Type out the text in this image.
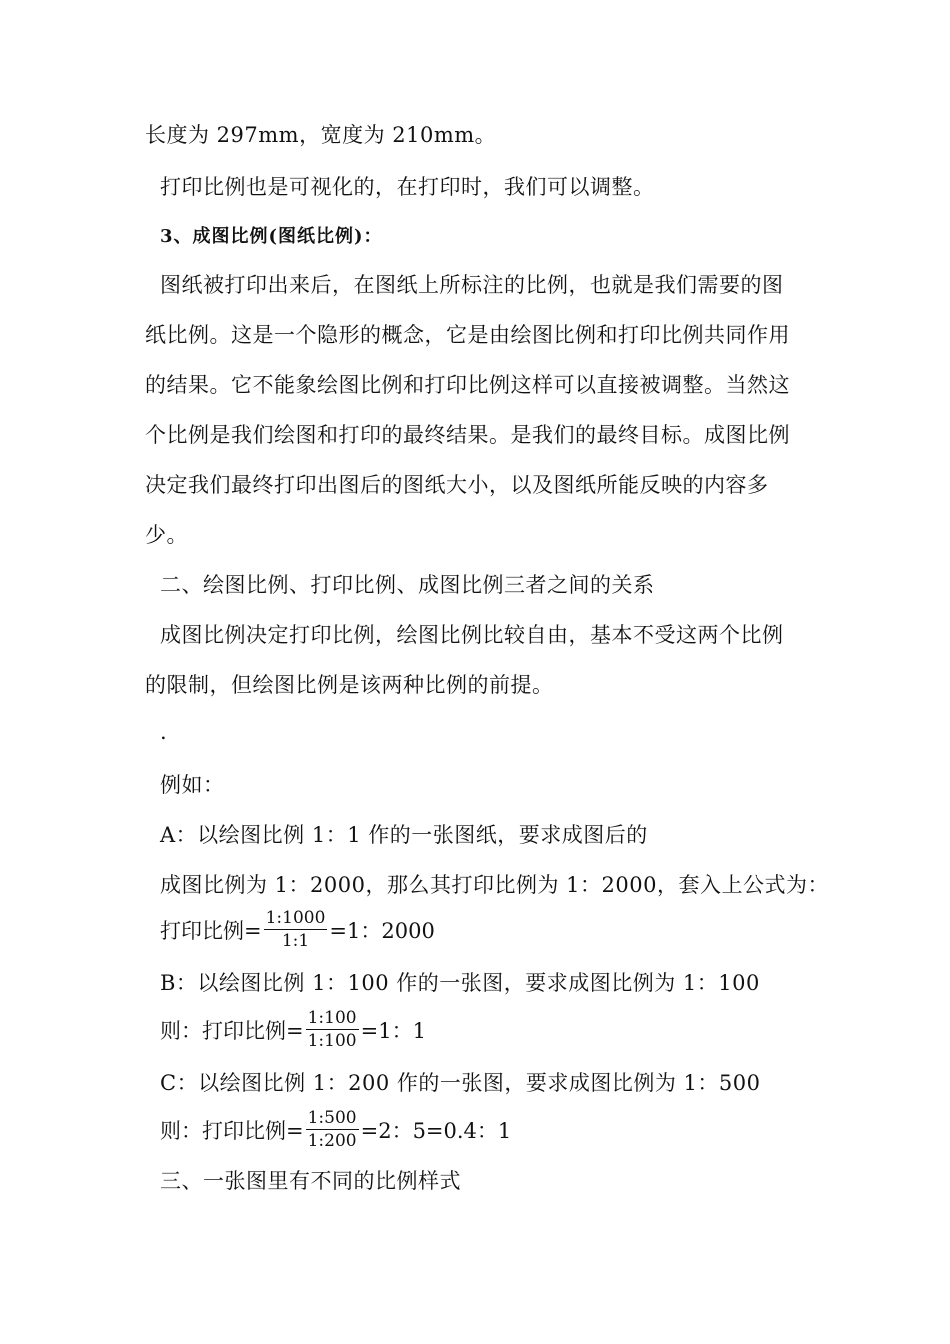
长度为 297mm，宽度为 210mm。
打印比例也是可视化的，在打印时，我们可以调整。
3、成图比例(图纸比例)：
图纸被打印出来后，在图纸上所标注的比例，也就是我们需要的图
纸比例。这是一个隐形的概念，它是由绘图比例和打印比例共同作用
的结果。它不能象绘图比例和打印比例这样可以直接被调整。当然这
个比例是我们绘图和打印的最终结果。是我们的最终目标。成图比例
决定我们最终打印出图后的图纸大小，以及图纸所能反映的内容多
少。
二、绘图比例、打印比例、成图比例三者之间的关系
成图比例决定打印比例，绘图比例比较自由，基本不受这两个比例
的限制，但绘图比例是该两种比例的前提。
.
例如：
A：以绘图比例 1：1 作的一张图纸，要求成图后的
成图比例为 1：2000，那么其打印比例为 1：2000，套入上公式为：
打印比例= $\frac{1:1000}{1:1} =1$：2000
B：以绘图比例 1：100 作的一张图，要求成图比例为 1：100
则：打印比例= $\frac{1:100}{1:100} =1$：1
C：以绘图比例 1：200 作的一张图，要求成图比例为 1：500
则：打印比例= $\frac{1:500}{1:200} =2$：5=0.4：1
三、一张图里有不同的比例样式
